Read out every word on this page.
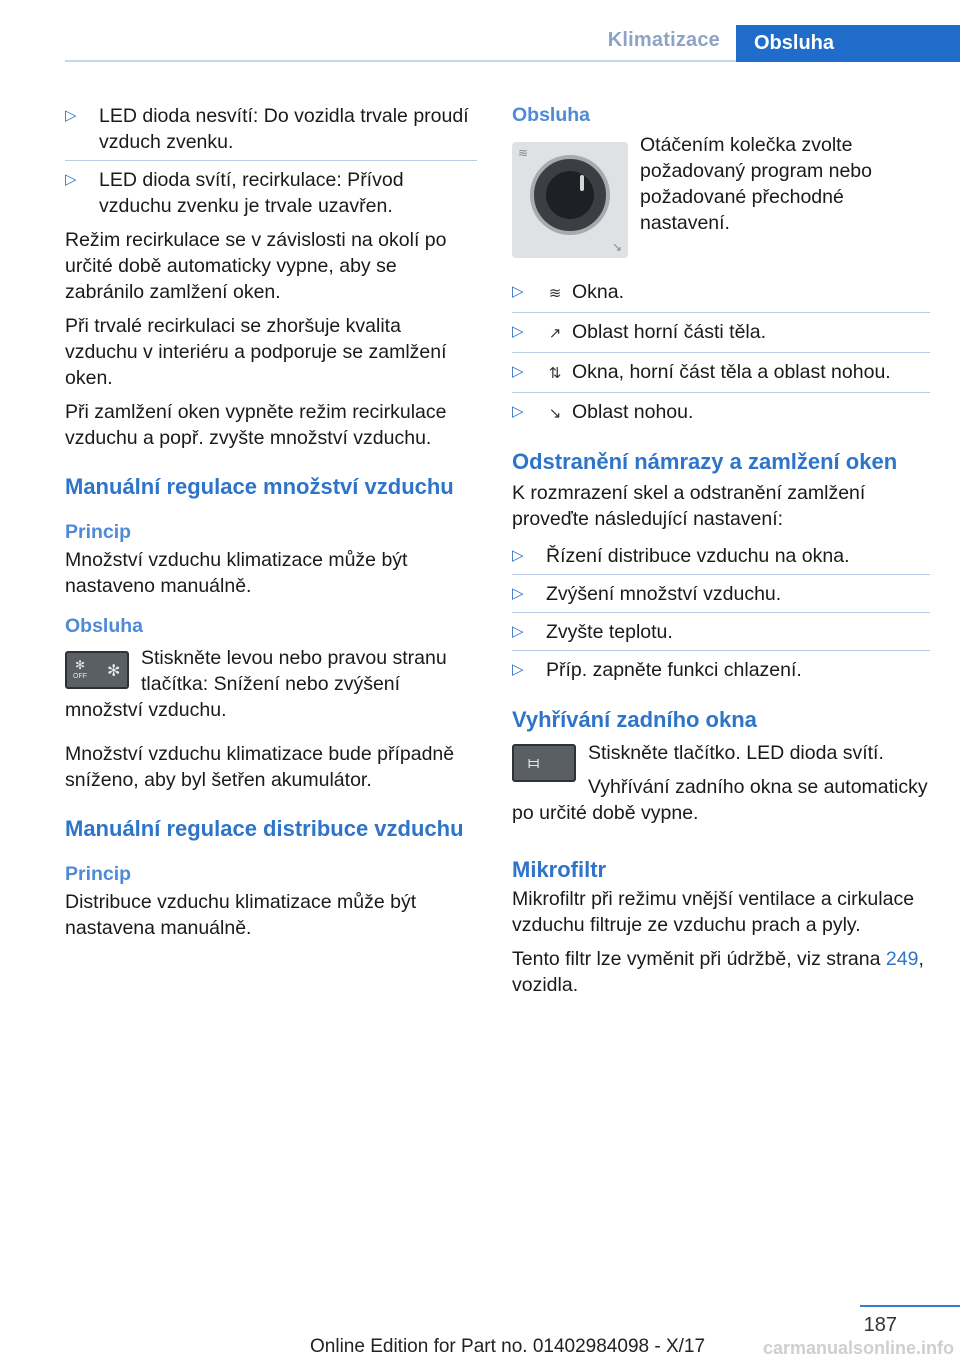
Klimatizace	Obsluha
▷ LED dioda nesvítí: Do vozidla trvale proudí vzduch zvenku.
▷ LED dioda svítí, recirkulace: Přívod vzduchu zvenku je trvale uzavřen.

Režim recirkulace se v závislosti na okolí po určité době automaticky vypne, aby se zabránilo zamlžení oken.

Při trvalé recirkulaci se zhoršuje kvalita vzduchu v interiéru a podporuje se zamlžení oken.

Při zamlžení oken vypněte režim recirkulace vzduchu a popř. zvyšte množství vzduchu.

Manuální regulace množství vzduchu
Princip

Množství vzduchu klimatizace může být nastaveno manuálně.

Obsluha
✻
OFF ✻

Stiskněte levou nebo pravou stranu tlačítka: Snížení nebo zvýšení množství vzduchu.

Množství vzduchu klimatizace bude případně sníženo, aby byl šetřen akumulátor.

Manuální regulace distribuce vzduchu
Princip

Distribuce vzduchu klimatizace může být nastavena manuálně.

Obsluha
≋
↘

Otáčením kolečka zvolte požadovaný program nebo požadované přechodné nastavení.

▷ ≋ Okna.
▷ ↗ Oblast horní části těla.
▷ ⇅ Okna, horní část těla a oblast nohou.
▷ ↘ Oblast nohou.
Odstranění námrazy a zamlžení oken

K rozmrazení skel a odstranění zamlžení proveďte následující nastavení:

▷ Řízení distribuce vzduchu na okna.
▷ Zvýšení množství vzduchu.
▷ Zvyšte teplotu.
▷ Příp. zapněte funkci chlazení.
Vyhřívání zadního okna
⧦	Stiskněte tlačítko. LED dioda svítí.

Vyhřívání zadního okna se automaticky po určité době vypne.

Mikrofiltr

Mikrofiltr při režimu vnější ventilace a cirkulace vzduchu filtruje ze vzduchu prach a pyly.

Tento filtr lze vyměnit při údržbě, viz strana 249, vozidla.

187
Online Edition for Part no. 01402984098 - X/17	carmanualsonline.info
